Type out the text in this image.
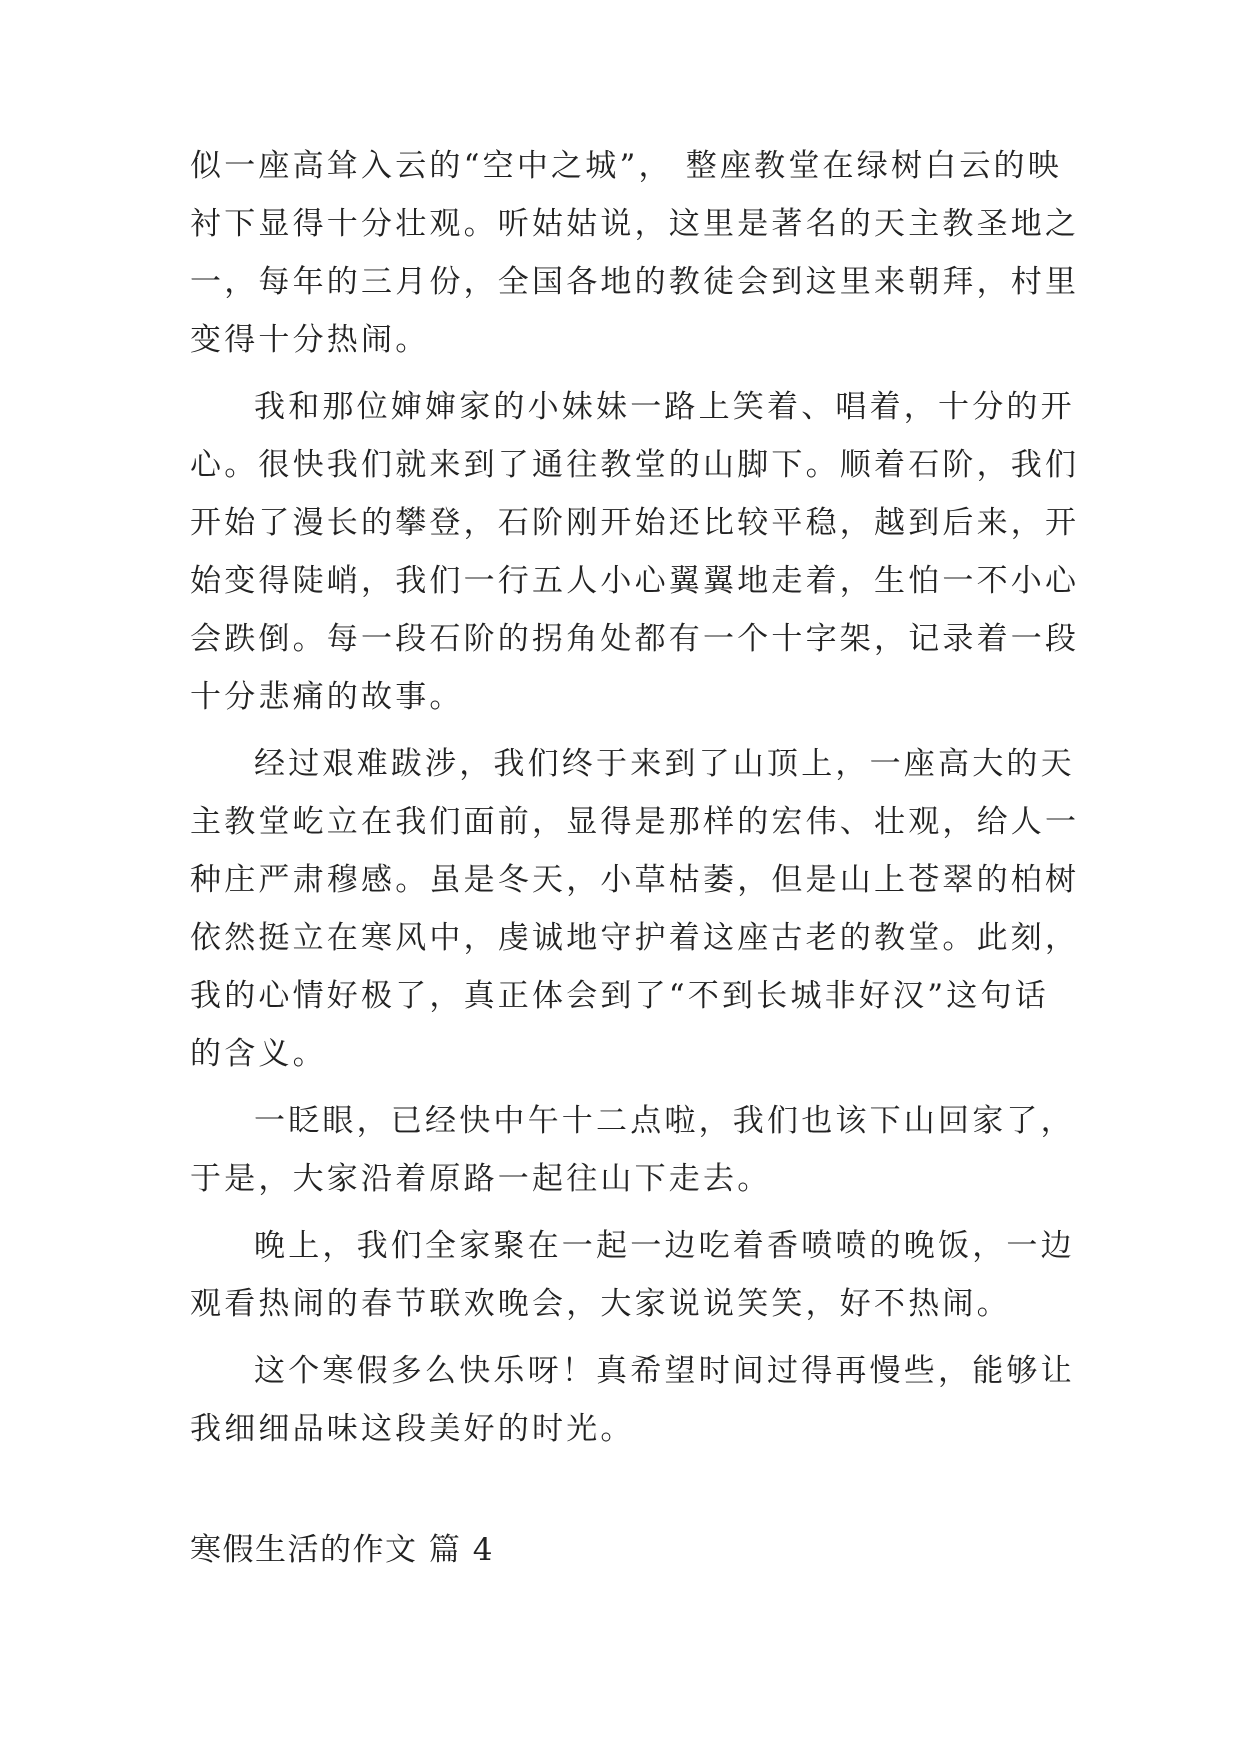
似一座高耸入云的“空中之城”， 整座教堂在绿树白云的映
衬下显得十分壮观。听姑姑说，这里是著名的天主教圣地之
一，每年的三月份，全国各地的教徒会到这里来朝拜，村里
变得十分热闹。
我和那位婶婶家的小妹妹一路上笑着、唱着，十分的开
心。很快我们就来到了通往教堂的山脚下。顺着石阶，我们
开始了漫长的攀登，石阶刚开始还比较平稳，越到后来，开
始变得陡峭，我们一行五人小心翼翼地走着，生怕一不小心
会跌倒。每一段石阶的拐角处都有一个十字架，记录着一段
十分悲痛的故事。
经过艰难跋涉，我们终于来到了山顶上，一座高大的天
主教堂屹立在我们面前，显得是那样的宏伟、壮观，给人一
种庄严肃穆感。虽是冬天，小草枯萎，但是山上苍翠的柏树
依然挺立在寒风中，虔诚地守护着这座古老的教堂。此刻，
我的心情好极了，真正体会到了“不到长城非好汉”这句话
的含义。
一眨眼，已经快中午十二点啦，我们也该下山回家了，
于是，大家沿着原路一起往山下走去。
晚上，我们全家聚在一起一边吃着香喷喷的晚饭，一边
观看热闹的春节联欢晚会，大家说说笑笑，好不热闹。
这个寒假多么快乐呀！真希望时间过得再慢些，能够让
我细细品味这段美好的时光。
寒假生活的作文 篇 4
